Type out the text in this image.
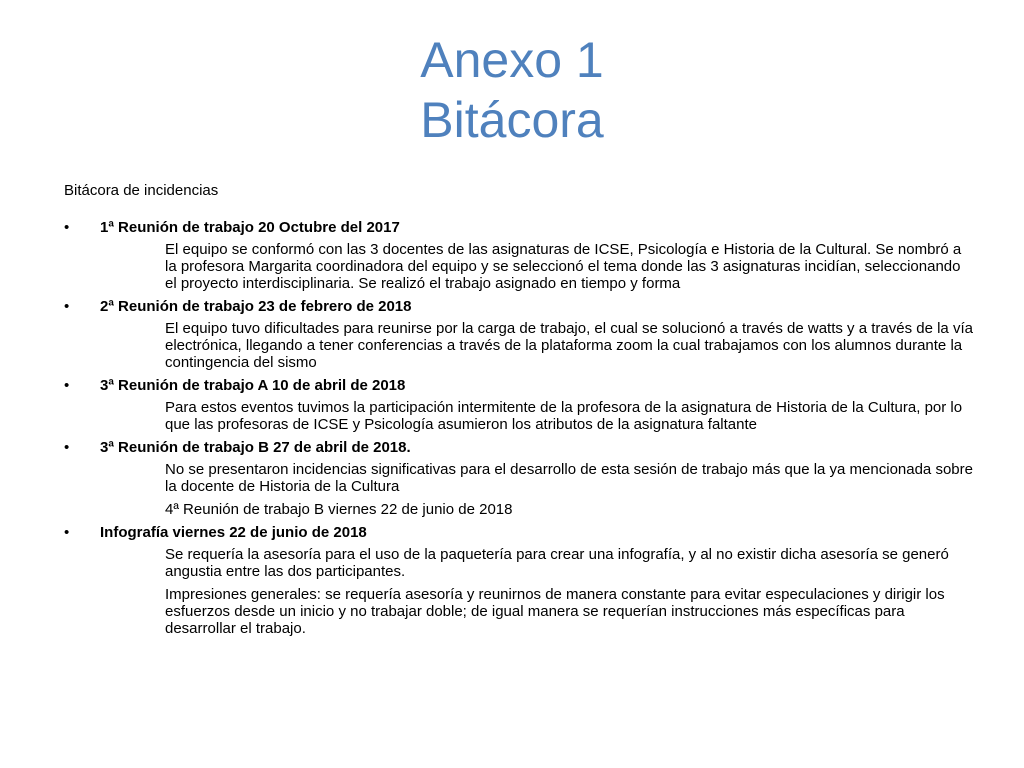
Anexo 1
Bitácora

Bitácora de incidencias

• 1ª Reunión de trabajo 20 Octubre del 2017

El equipo se conformó con las 3 docentes de las asignaturas de ICSE, Psicología e Historia de la Cultural. Se nombró a la profesora Margarita coordinadora del equipo y se seleccionó el tema donde las 3 asignaturas incidían, seleccionando el proyecto interdisciplinaria. Se realizó el trabajo asignado en tiempo y forma

• 2ª Reunión de trabajo 23 de febrero de 2018

El equipo tuvo dificultades para reunirse por la carga de trabajo, el cual se solucionó a través de watts y a través de la vía electrónica, llegando a tener conferencias a través de la plataforma zoom la cual trabajamos con los alumnos durante la contingencia del sismo

• 3ª Reunión de trabajo A 10 de abril de 2018

Para estos eventos tuvimos la participación intermitente de la profesora de la asignatura de Historia de la Cultura, por lo que las profesoras de ICSE y Psicología asumieron los atributos de la asignatura faltante

• 3ª Reunión de trabajo B 27 de abril de 2018.

No se presentaron incidencias significativas para el desarrollo de esta sesión de trabajo más que la ya mencionada sobre la docente de Historia de la Cultura

4ª Reunión de trabajo B viernes 22 de junio de 2018

• Infografía viernes 22 de junio de 2018

Se requería la asesoría para el uso de la paquetería para crear una infografía, y al no existir dicha asesoría se generó angustia entre las dos participantes.

Impresiones generales: se requería asesoría y reunirnos de manera constante para evitar especulaciones y dirigir los esfuerzos desde un inicio y no trabajar doble; de igual manera se requerían instrucciones más específicas para desarrollar el trabajo.
